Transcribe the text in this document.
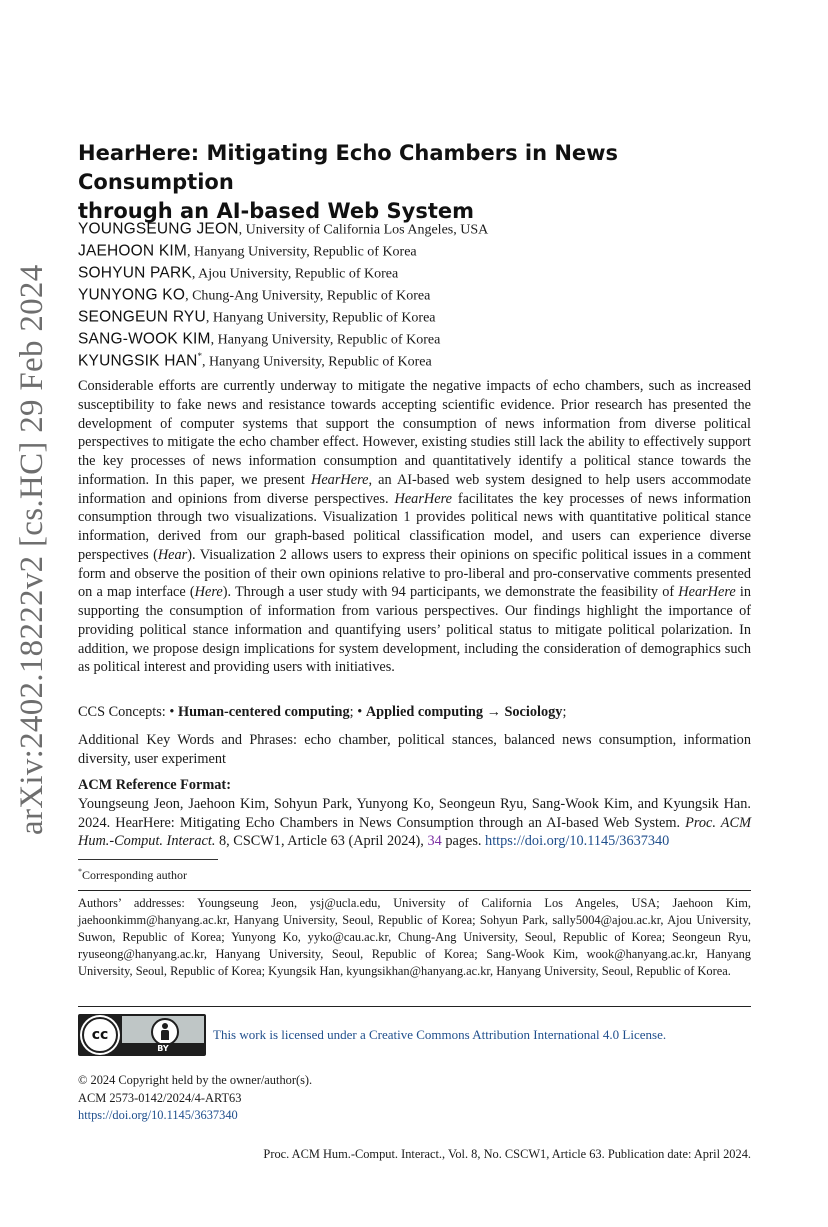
arXiv:2402.18222v2 [cs.HC] 29 Feb 2024
HearHere: Mitigating Echo Chambers in News Consumption
through an AI-based Web System
YOUNGSEUNG JEON, University of California Los Angeles, USA
JAEHOON KIM, Hanyang University, Republic of Korea
SOHYUN PARK, Ajou University, Republic of Korea
YUNYONG KO, Chung-Ang University, Republic of Korea
SEONGEUN RYU, Hanyang University, Republic of Korea
SANG-WOOK KIM, Hanyang University, Republic of Korea
KYUNGSIK HAN*, Hanyang University, Republic of Korea

Considerable efforts are currently underway to mitigate the negative impacts of echo chambers, such as increased susceptibility to fake news and resistance towards accepting scientific evidence. Prior research has presented the development of computer systems that support the consumption of news information from diverse political perspectives to mitigate the echo chamber effect. However, existing studies still lack the ability to effectively support the key processes of news information consumption and quantitatively identify a political stance towards the information. In this paper, we present HearHere, an AI-based web system designed to help users accommodate information and opinions from diverse perspectives. HearHere facilitates the key processes of news information consumption through two visualizations. Visualization 1 provides political news with quantitative political stance information, derived from our graph-based political classification model, and users can experience diverse perspectives (Hear). Visualization 2 allows users to express their opinions on specific political issues in a comment form and observe the position of their own opinions relative to pro-liberal and pro-conservative comments presented on a map interface (Here). Through a user study with 94 participants, we demonstrate the feasibility of HearHere in supporting the consumption of information from various perspectives. Our findings highlight the importance of providing political stance information and quantifying users’ political status to mitigate political polarization. In addition, we propose design implications for system development, including the consideration of demographics such as political interest and providing users with initiatives.

CCS Concepts: • Human-centered computing; • Applied computing → Sociology;

Additional Key Words and Phrases: echo chamber, political stances, balanced news consumption, information diversity, user experiment

ACM Reference Format:

Youngseung Jeon, Jaehoon Kim, Sohyun Park, Yunyong Ko, Seongeun Ryu, Sang-Wook Kim, and Kyungsik Han. 2024. HearHere: Mitigating Echo Chambers in News Consumption through an AI-based Web System. Proc. ACM Hum.-Comput. Interact. 8, CSCW1, Article 63 (April 2024), 34 pages. https://doi.org/10.1145/3637340

*Corresponding author

Authors’ addresses: Youngseung Jeon, ysj@ucla.edu, University of California Los Angeles, USA; Jaehoon Kim, jaehoonkimm@hanyang.ac.kr, Hanyang University, Seoul, Republic of Korea; Sohyun Park, sally5004@ajou.ac.kr, Ajou University, Suwon, Republic of Korea; Yunyong Ko, yyko@cau.ac.kr, Chung-Ang University, Seoul, Republic of Korea; Seongeun Ryu, ryuseong@hanyang.ac.kr, Hanyang University, Seoul, Republic of Korea; Sang-Wook Kim, wook@hanyang.ac.kr, Hanyang University, Seoul, Republic of Korea; Kyungsik Han, kyungsikhan@hanyang.ac.kr, Hanyang University, Seoul, Republic of Korea.

cc
BY
This work is licensed under a Creative Commons Attribution International 4.0 License.
© 2024 Copyright held by the owner/author(s).
ACM 2573-0142/2024/4-ART63
https://doi.org/10.1145/3637340
Proc. ACM Hum.-Comput. Interact., Vol. 8, No. CSCW1, Article 63. Publication date: April 2024.
